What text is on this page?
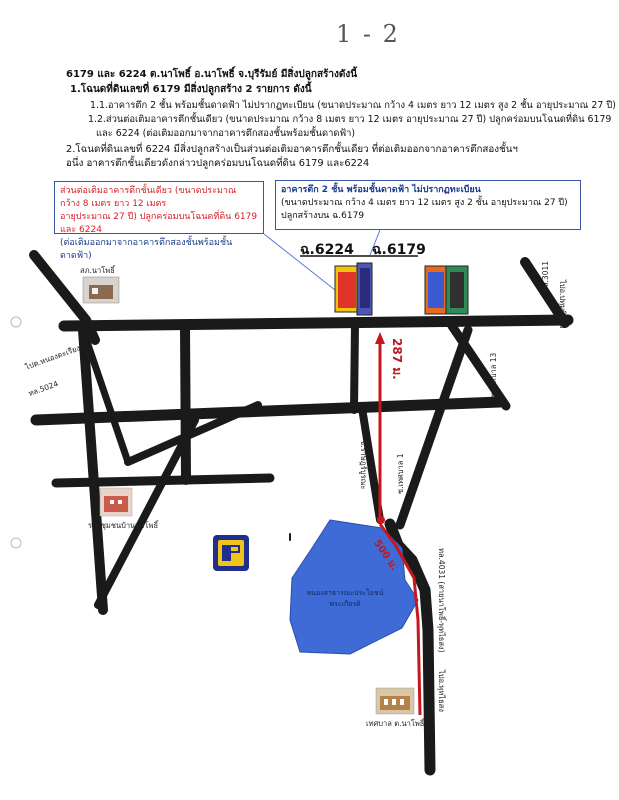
1 - 2
6179 และ 6224 ต.นาโพธิ์ อ.นาโพธิ์ จ.บุรีรัมย์ มีสิ่งปลูกสร้างดังนี้
1.โฉนดที่ดินเลขที่ 6179 มีสิ่งปลูกสร้าง 2 รายการ ดังนี้
1.1.อาคารตึก 2 ชั้น พร้อมชั้นดาดฟ้า ไม่ปรากฏทะเบียน (ขนาดประมาณ กว้าง 4 เมตร ยาว 12 เมตร สูง 2 ชั้น อายุประมาณ 27 ปี)
1.2.ส่วนต่อเติมอาคารตึกชั้นเดียว (ขนาดประมาณ กว้าง 8 เมตร ยาว 12 เมตร อายุประมาณ 27 ปี) ปลูกคร่อมบนโฉนดที่ดิน 6179
และ 6224 (ต่อเติมออกมาจากอาคารตึกสองชั้นพร้อมชั้นดาดฟ้า)
2.โฉนดที่ดินเลขที่ 6224 มีสิ่งปลูกสร้างเป็นส่วนต่อเติมอาคารตึกชั้นเดียว ที่ต่อเติมออกจากอาคารตึกสองชั้นฯ
อนึ่ง อาคารตึกชั้นเดียวดังกล่าวปลูกคร่อมบนโฉนดที่ดิน 6179 และ6224
ส่วนต่อเติมอาคารตึกชั้นเดียว (ขนาดประมาณ กว้าง 8 เมตร ยาว 12 เมตร
อายุประมาณ 27 ปี) ปลูกคร่อมบนโฉนดที่ดิน 6179 และ 6224
(ต่อเติมออกมาจากอาคารตึกสองชั้นพร้อมชั้นดาดฟ้า)
อาคารตึก 2 ชั้น พร้อมชั้นดาดฟ้า ไม่ปรากฏทะเบียน
(ขนาดประมาณ กว้าง 4 เมตร ยาว 12 เมตร สูง 2 ชั้น อายุประมาณ 27 ปี)
ปลูกสร้างบน ฉ.6179
ฉ.6224 ฉ.6179
สภ.นาโพธิ์	ทล.3011
ไปอ.ปทุมพิมาย
ไปต.หนองตะเรียง
ทล.5024	ซ.เทศบาล 13
ซ.เทศบาล 1
ซ.เทศบาล 9
ซ.ราษฎร์บูรณะ
ร.ร.ชุมชนบ้านนาโพธิ์
หนองสาธารณะประโยชน์
พระเกียรติ	ทล.4031 (สายนาโพธิ์-พุทไธสง)
ไปอ.พุทไธสง
เทศบาล ต.นาโพธิ์
287 ม.
500 ม.
